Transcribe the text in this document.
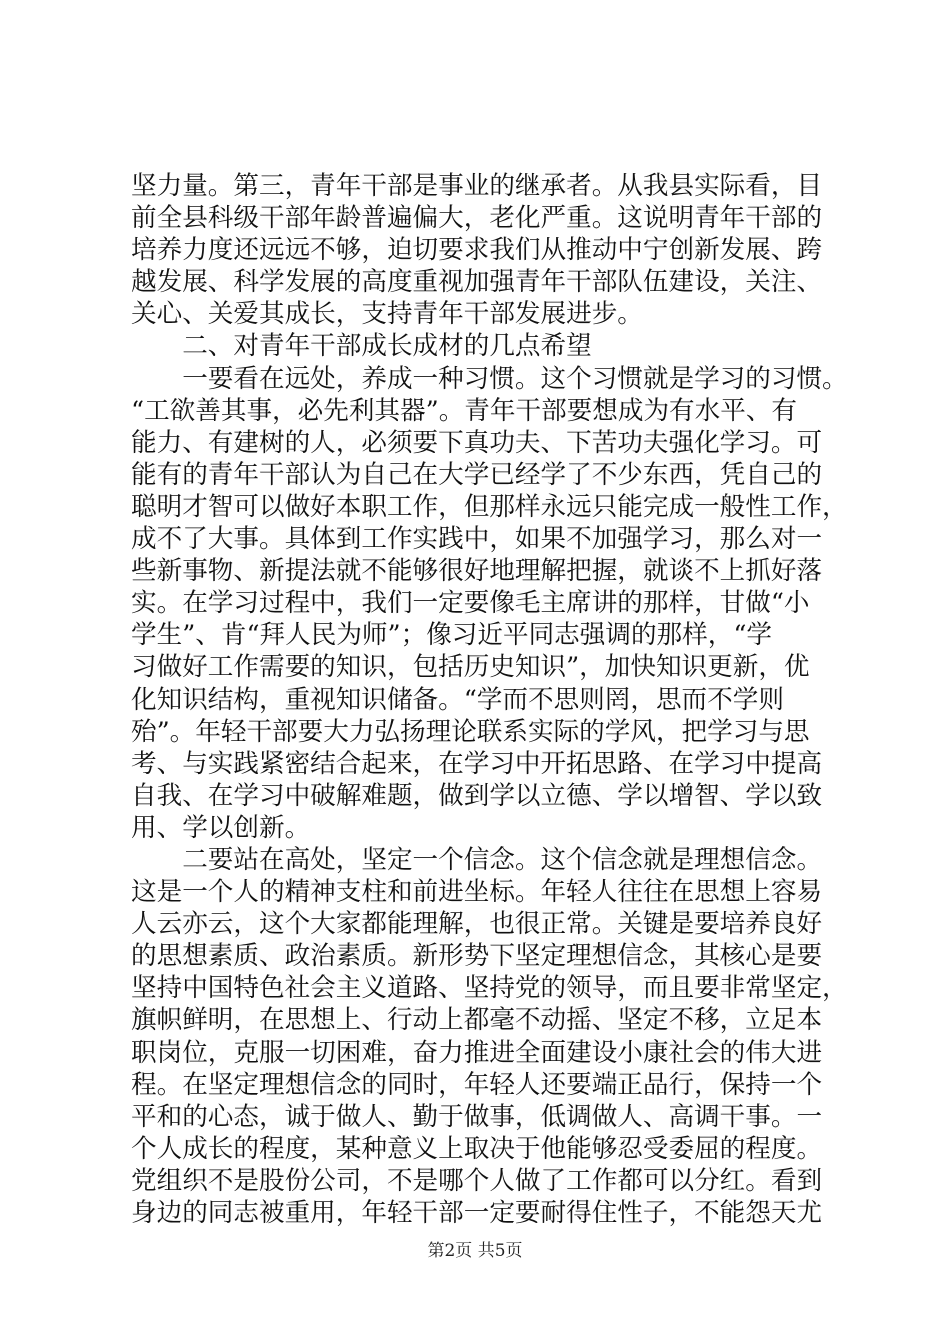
坚力量。第三，青年干部是事业的继承者。从我县实际看，目
前全县科级干部年龄普遍偏大，老化严重。这说明青年干部的
培养力度还远远不够，迫切要求我们从推动中宁创新发展、跨
越发展、科学发展的高度重视加强青年干部队伍建设，关注、
关心、关爱其成长，支持青年干部发展进步。
　　二、对青年干部成长成材的几点希望
　　一要看在远处，养成一种习惯。这个习惯就是学习的习惯。
“工欲善其事，必先利其器”。青年干部要想成为有水平、有
能力、有建树的人，必须要下真功夫、下苦功夫强化学习。可
能有的青年干部认为自己在大学已经学了不少东西，凭自己的
聪明才智可以做好本职工作，但那样永远只能完成一般性工作，
成不了大事。具体到工作实践中，如果不加强学习，那么对一
些新事物、新提法就不能够很好地理解把握，就谈不上抓好落
实。在学习过程中，我们一定要像毛主席讲的那样，甘做“小
学生”、肯“拜人民为师”；像习近平同志强调的那样，“学
习做好工作需要的知识，包括历史知识”，加快知识更新，优
化知识结构，重视知识储备。“学而不思则罔，思而不学则
殆”。年轻干部要大力弘扬理论联系实际的学风，把学习与思
考、与实践紧密结合起来，在学习中开拓思路、在学习中提高
自我、在学习中破解难题，做到学以立德、学以增智、学以致
用、学以创新。
　　二要站在高处，坚定一个信念。这个信念就是理想信念。
这是一个人的精神支柱和前进坐标。年轻人往往在思想上容易
人云亦云，这个大家都能理解，也很正常。关键是要培养良好
的思想素质、政治素质。新形势下坚定理想信念，其核心是要
坚持中国特色社会主义道路、坚持党的领导，而且要非常坚定，
旗帜鲜明，在思想上、行动上都毫不动摇、坚定不移，立足本
职岗位，克服一切困难，奋力推进全面建设小康社会的伟大进
程。在坚定理想信念的同时，年轻人还要端正品行，保持一个
平和的心态，诚于做人、勤于做事，低调做人、高调干事。一
个人成长的程度，某种意义上取决于他能够忍受委屈的程度。
党组织不是股份公司，不是哪个人做了工作都可以分红。看到
身边的同志被重用，年轻干部一定要耐得住性子，不能怨天尤
第2页 共5页
